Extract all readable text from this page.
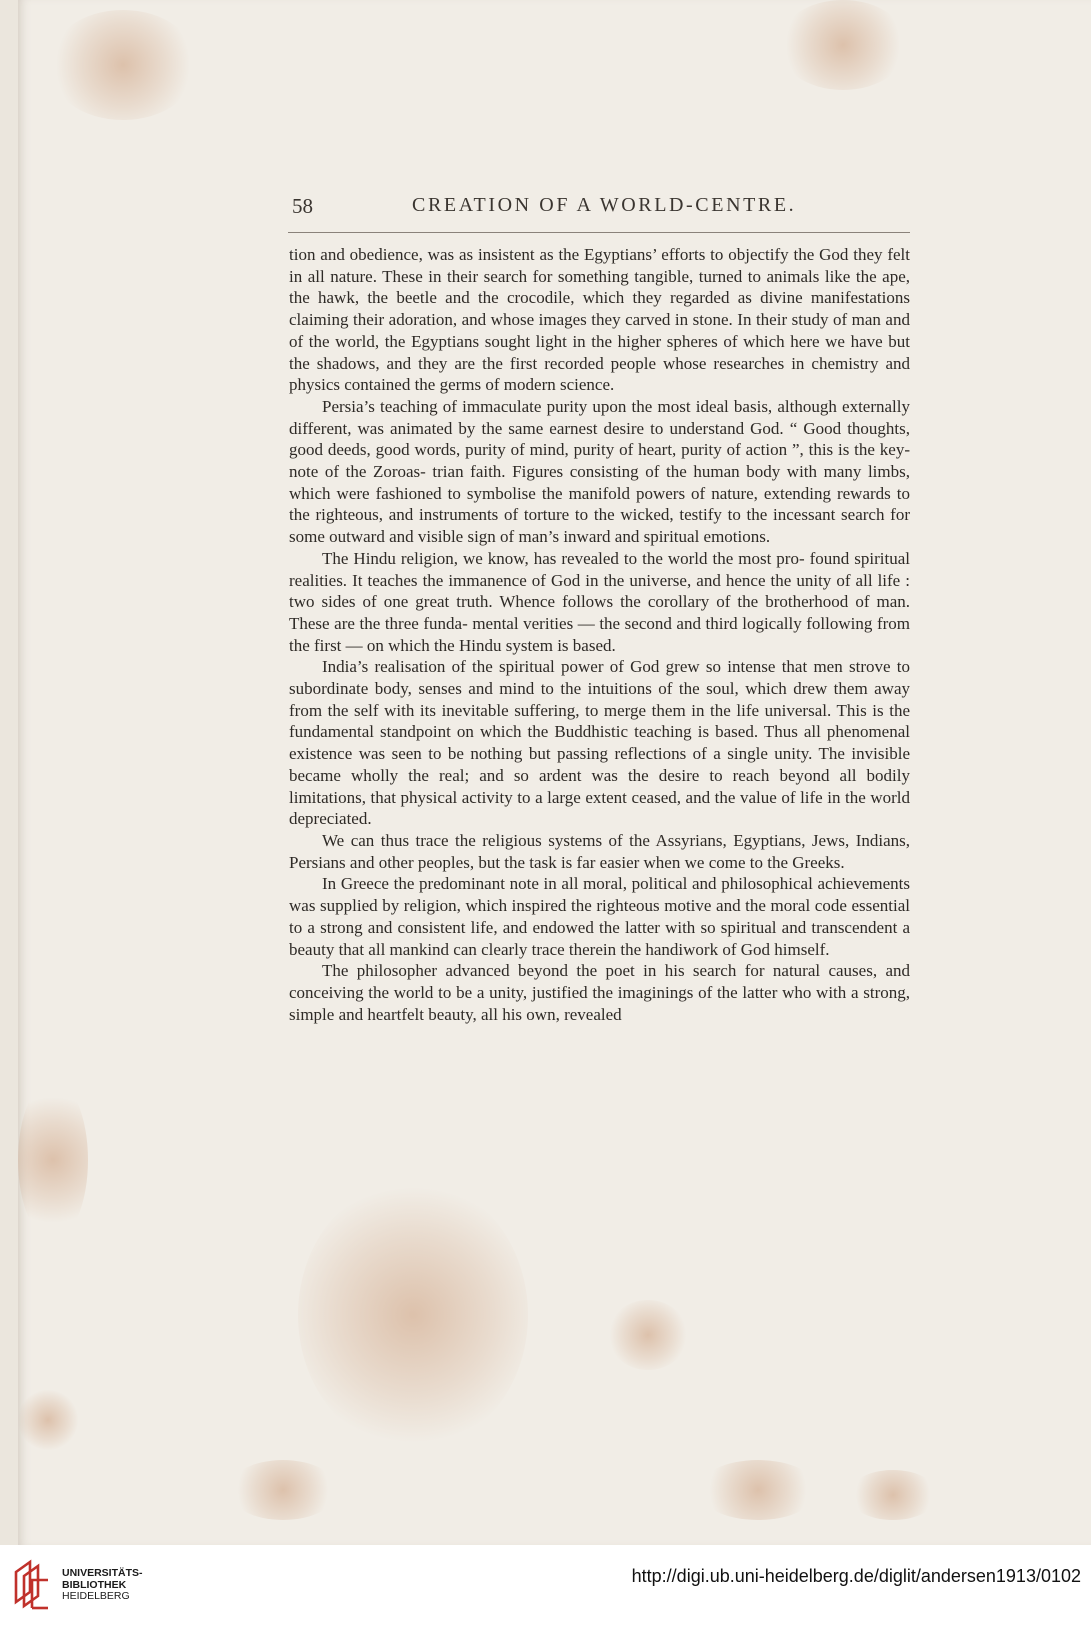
58	CREATION OF A WORLD-CENTRE.

tion and obedience, was as insistent as the Egyptians’ efforts to objectify the God they felt in all nature. These in their search for something tangible, turned to animals like the ape, the hawk, the beetle and the crocodile, which they regarded as divine manifestations claiming their adoration, and whose images they carved in stone. In their study of man and of the world, the Egyptians sought light in the higher spheres of which here we have but the shadows, and they are the first recorded people whose researches in chemistry and physics contained the germs of modern science.

Persia’s teaching of immaculate purity upon the most ideal basis, although externally different, was animated by the same earnest desire to understand God. “ Good thoughts, good deeds, good words, purity of mind, purity of heart, purity of action ”, this is the key-note of the Zoroas- trian faith. Figures consisting of the human body with many limbs, which were fashioned to symbolise the manifold powers of nature, extending rewards to the righteous, and instruments of torture to the wicked, testify to the incessant search for some outward and visible sign of man’s inward and spiritual emotions.

The Hindu religion, we know, has revealed to the world the most pro- found spiritual realities. It teaches the immanence of God in the universe, and hence the unity of all life : two sides of one great truth. Whence follows the corollary of the brotherhood of man. These are the three funda- mental verities — the second and third logically following from the first — on which the Hindu system is based.

India’s realisation of the spiritual power of God grew so intense that men strove to subordinate body, senses and mind to the intuitions of the soul, which drew them away from the self with its inevitable suffering, to merge them in the life universal. This is the fundamental standpoint on which the Buddhistic teaching is based. Thus all phenomenal existence was seen to be nothing but passing reflections of a single unity. The invisible became wholly the real; and so ardent was the desire to reach beyond all bodily limitations, that physical activity to a large extent ceased, and the value of life in the world depreciated.

We can thus trace the religious systems of the Assyrians, Egyptians, Jews, Indians, Persians and other peoples, but the task is far easier when we come to the Greeks.

In Greece the predominant note in all moral, political and philosophical achievements was supplied by religion, which inspired the righteous motive and the moral code essential to a strong and consistent life, and endowed the latter with so spiritual and transcendent a beauty that all mankind can clearly trace therein the handiwork of God himself.

The philosopher advanced beyond the poet in his search for natural causes, and conceiving the world to be a unity, justified the imaginings of the latter who with a strong, simple and heartfelt beauty, all his own, revealed

UNIVERSITÄTS-
BIBLIOTHEK
HEIDELBERG
http://digi.ub.uni-heidelberg.de/diglit/andersen1913/0102
